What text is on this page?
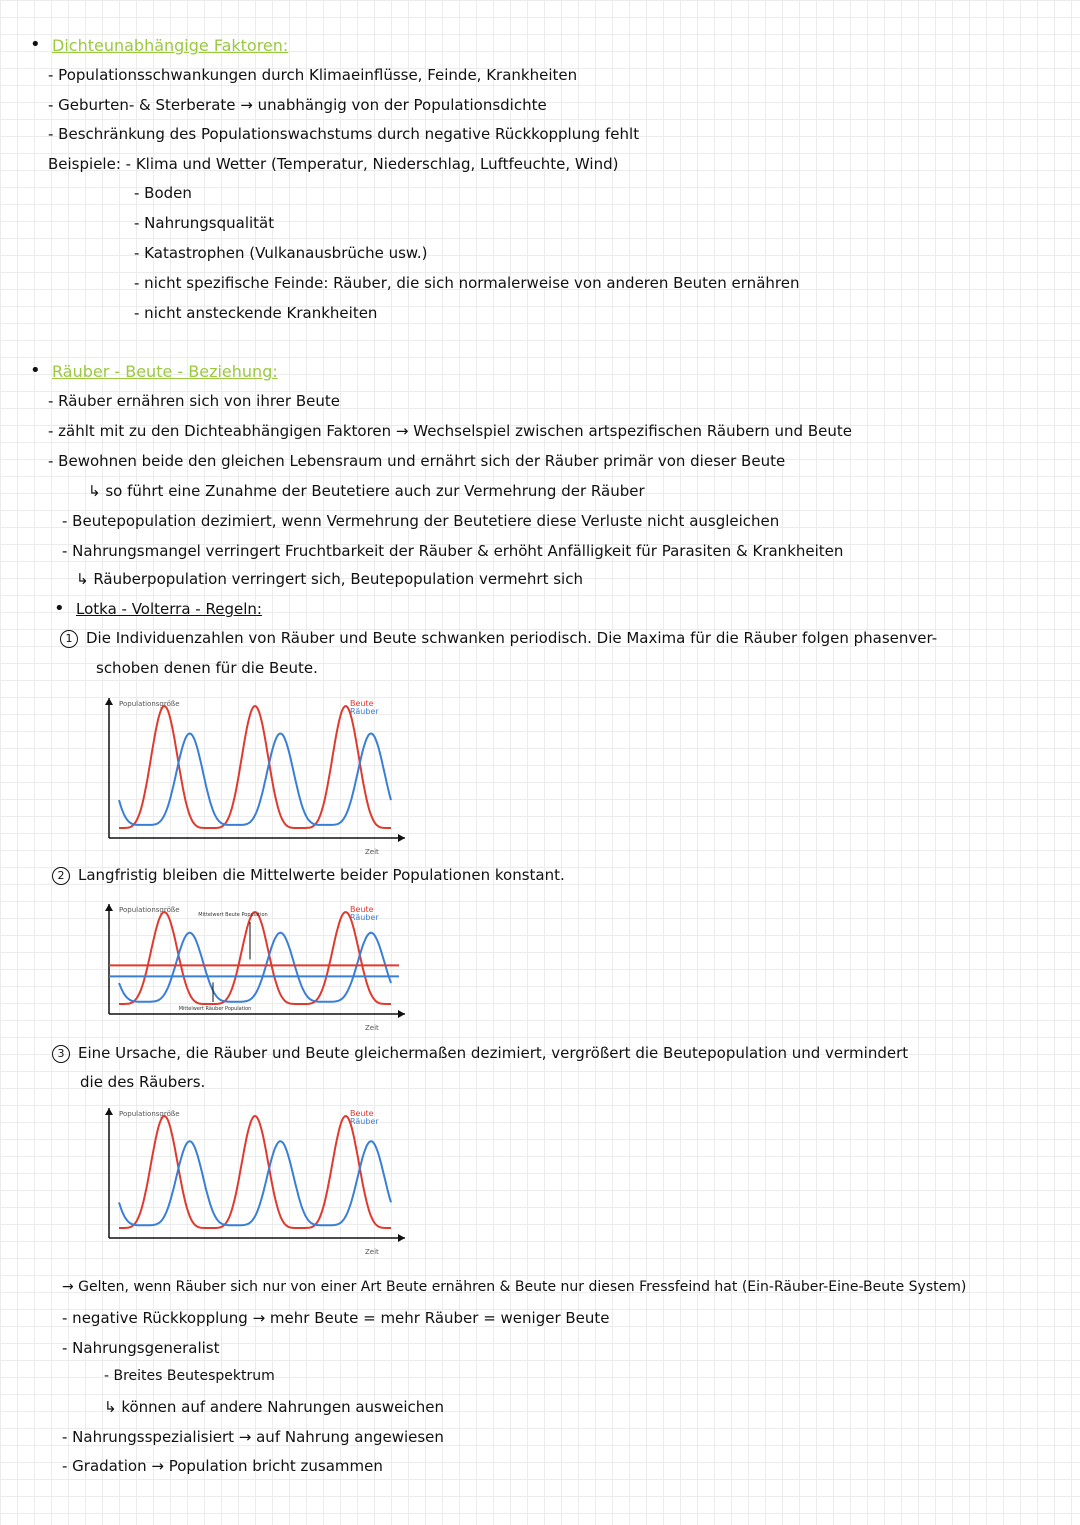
• Dichteunabhängige Faktoren:
- Populationsschwankungen durch Klimaeinflüsse, Feinde, Krankheiten
- Geburten- & Sterberate → unabhängig von der Populationsdichte
- Beschränkung des Populationswachstums durch negative Rückkopplung fehlt
Beispiele: - Klima und Wetter (Temperatur, Niederschlag, Luftfeuchte, Wind)
- Boden
- Nahrungsqualität
- Katastrophen (Vulkanausbrüche usw.)
- nicht spezifische Feinde: Räuber, die sich normalerweise von anderen Beuten ernähren
- nicht ansteckende Krankheiten
• Räuber - Beute - Beziehung:
- Räuber ernähren sich von ihrer Beute
- zählt mit zu den Dichteabhängigen Faktoren → Wechselspiel zwischen artspezifischen Räubern und Beute
- Bewohnen beide den gleichen Lebensraum und ernährt sich der Räuber primär von dieser Beute
↳ so führt eine Zunahme der Beutetiere auch zur Vermehrung der Räuber
- Beutepopulation dezimiert, wenn Vermehrung der Beutetiere diese Verluste nicht ausgleichen
- Nahrungsmangel verringert Fruchtbarkeit der Räuber & erhöht Anfälligkeit für Parasiten & Krankheiten
↳ Räuberpopulation verringert sich, Beutepopulation vermehrt sich
• Lotka - Volterra - Regeln:
1 Die Individuenzahlen von Räuber und Beute schwanken periodisch. Die Maxima für die Räuber folgen phasenver-
schoben denen für die Beute.
Populationsgröße
Zeit
Beute
Räuber
2 Langfristig bleiben die Mittelwerte beider Populationen konstant.
Populationsgröße
Zeit
Beute
Räuber
Mittelwert Beute Population
Mittelwert Räuber Population
3 Eine Ursache, die Räuber und Beute gleichermaßen dezimiert, vergrößert die Beutepopulation und vermindert
die des Räubers.
Populationsgröße
Zeit
Beute
Räuber
→ Gelten, wenn Räuber sich nur von einer Art Beute ernähren & Beute nur diesen Fressfeind hat (Ein-Räuber-Eine-Beute System)
- negative Rückkopplung → mehr Beute = mehr Räuber = weniger Beute
- Nahrungsgeneralist
- Breites Beutespektrum
↳ können auf andere Nahrungen ausweichen
- Nahrungsspezialisiert → auf Nahrung angewiesen
- Gradation → Population bricht zusammen
